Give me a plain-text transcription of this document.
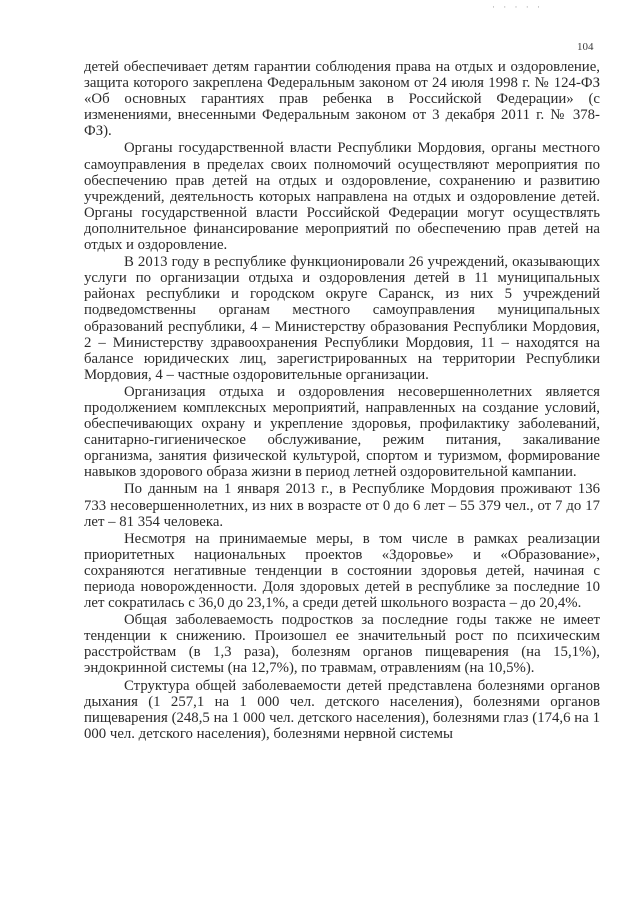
· · · · ·
104

детей обеспечивает детям гарантии соблюдения права на отдых и оздоровление, защита которого закреплена Федеральным законом от 24 июля 1998 г. № 124-ФЗ «Об основных гарантиях прав ребенка в Российской Федерации» (с изменениями, внесенными Федеральным законом от 3 декабря 2011 г. № 378-ФЗ).

Органы государственной власти Республики Мордовия, органы местного самоуправления в пределах своих полномочий осуществляют мероприятия по обеспечению прав детей на отдых и оздоровление, сохранению и развитию учреждений, деятельность которых направлена на отдых и оздоровление детей. Органы государственной власти Российской Федерации могут осуществлять дополнительное финансирование мероприятий по обеспечению прав детей на отдых и оздоровление.

В 2013 году в республике функционировали 26 учреждений, оказывающих услуги по организации отдыха и оздоровления детей в 11 муниципальных районах республики и городском округе Саранск, из них 5 учреждений подведомственны органам местного самоуправления муниципальных образований республики, 4 – Министерству образования Республики Мордовия, 2 – Министерству здравоохранения Республики Мордовия, 11 – находятся на балансе юридических лиц, зарегистрированных на территории Республики Мордовия, 4 – частные оздоровительные организации.

Организация отдыха и оздоровления несовершеннолетних является продолжением комплексных мероприятий, направленных на создание условий, обеспечивающих охрану и укрепление здоровья, профилактику заболеваний, санитарно-гигиеническое обслуживание, режим питания, закаливание организма, занятия физической культурой, спортом и туризмом, формирование навыков здорового образа жизни в период летней оздоровительной кампании.

По данным на 1 января 2013 г., в Республике Мордовия проживают 136 733 несовершеннолетних, из них в возрасте от 0 до 6 лет – 55 379 чел., от 7 до 17 лет – 81 354 человека.

Несмотря на принимаемые меры, в том числе в рамках реализации приоритетных национальных проектов «Здоровье» и «Образование», сохраняются негативные тенденции в состоянии здоровья детей, начиная с периода новорожденности. Доля здоровых детей в республике за последние 10 лет сократилась с 36,0 до 23,1%, а среди детей школьного возраста – до 20,4%.

Общая заболеваемость подростков за последние годы также не имеет тенденции к снижению. Произошел ее значительный рост по психическим расстройствам (в 1,3 раза), болезням органов пищеварения (на 15,1%), эндокринной системы (на 12,7%), по травмам, отравлениям (на 10,5%).

Структура общей заболеваемости детей представлена болезнями органов дыхания (1 257,1 на 1 000 чел. детского населения), болезнями органов пищеварения (248,5 на 1 000 чел. детского населения), болезнями глаз (174,6 на 1 000 чел. детского населения), болезнями нервной системы
